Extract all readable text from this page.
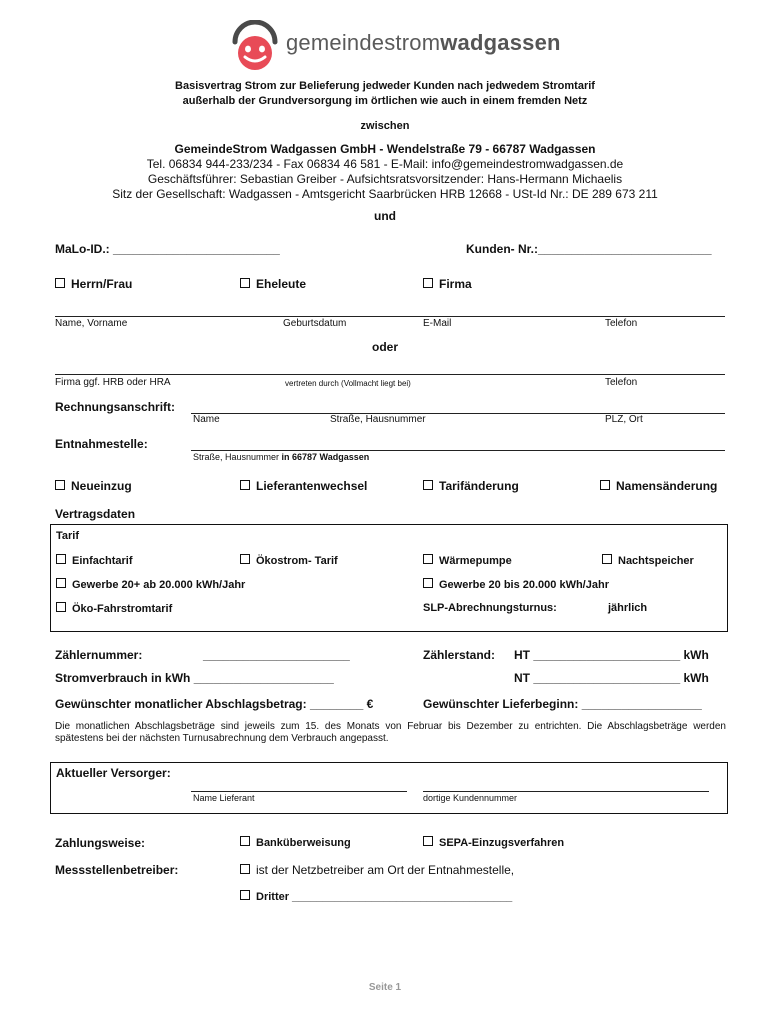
gemeindestromwadgassen
Basisvertrag Strom zur Belieferung jedweder Kunden nach jedwedem Stromtarif
außerhalb der Grundversorgung im örtlichen wie auch in einem fremden Netz
zwischen
GemeindeStrom Wadgassen GmbH - Wendelstraße 79 - 66787 Wadgassen
Tel. 06834 944-233/234 - Fax 06834 46 581 - E-Mail: info@gemeindestromwadgassen.de
Geschäftsführer: Sebastian Greiber - Aufsichtsratsvorsitzender: Hans-Hermann Michaelis
Sitz der Gesellschaft: Wadgassen - Amtsgericht Saarbrücken HRB 12668 - USt-Id Nr.: DE 289 673 211
und
MaLo-ID.: _________________________	Kunden- Nr.:__________________________
Herrn/Frau	Eheleute	Firma
Name, Vorname	Geburtsdatum	E-Mail	Telefon
oder
Firma ggf. HRB oder HRA	vertreten durch (Vollmacht liegt bei)	Telefon
Rechnungsanschrift:
Name	Straße, Hausnummer	PLZ, Ort
Entnahmestelle:
Straße, Hausnummer in 66787 Wadgassen
Neueinzug	Lieferantenwechsel	Tarifänderung	Namensänderung
Vertragsdaten
Tarif
Einfachtarif	Ökostrom- Tarif	Wärmepumpe	Nachtspeicher
Gewerbe 20+ ab 20.000 kWh/Jahr	Gewerbe 20 bis 20.000 kWh/Jahr
Öko-Fahrstromtarif	SLP-Abrechnungsturnus:	jährlich
Zählernummer:	______________________	Zählerstand: HT ______________________ kWh
Stromverbrauch in kWh _____________________	NT ______________________ kWh
Gewünschter monatlicher Abschlagsbetrag: ________ €	Gewünschter Lieferbeginn: __________________
Die monatlichen Abschlagsbeträge sind jeweils zum 15. des Monats von Februar bis Dezember zu entrichten. Die Abschlagsbeträge werden spätestens bei der nächsten Turnusabrechnung dem Verbrauch angepasst.
Aktueller Versorger:
Name Lieferant	dortige Kundennummer
Zahlungsweise:	Banküberweisung	SEPA-Einzugsverfahren
Messstellenbetreiber:	ist der Netzbetreiber am Ort der Entnahmestelle,
Dritter ____________________________________
Seite 1
